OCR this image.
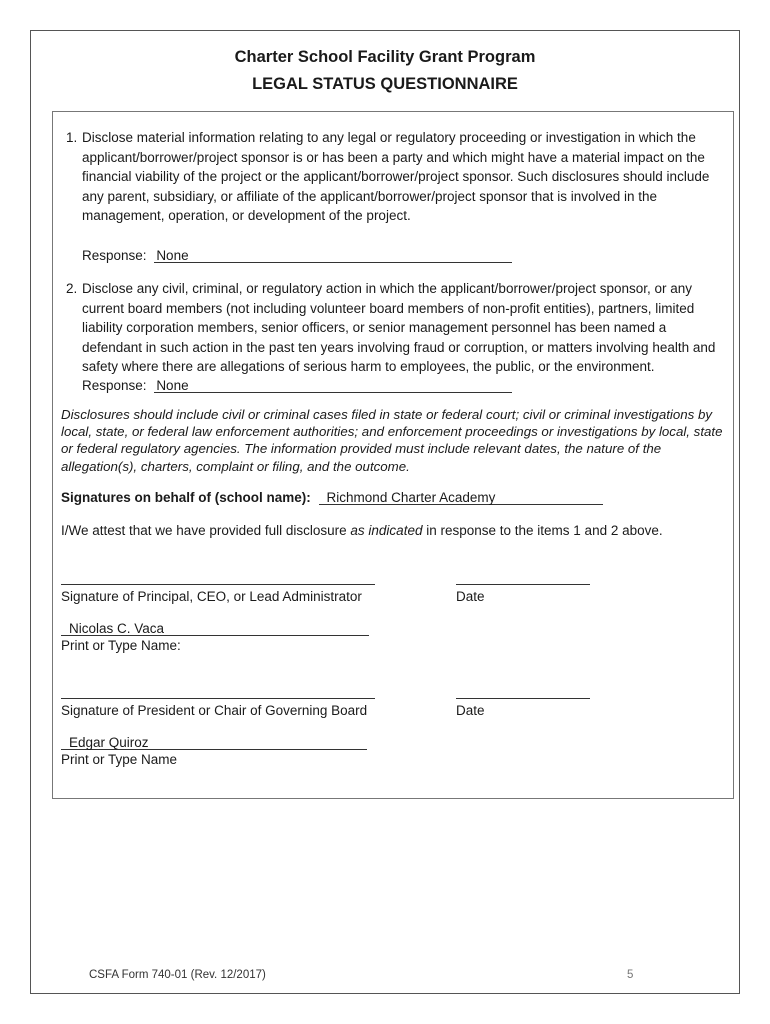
Charter School Facility Grant Program
LEGAL STATUS QUESTIONNAIRE
1. Disclose material information relating to any legal or regulatory proceeding or investigation in which the applicant/borrower/project sponsor is or has been a party and which might have a material impact on the financial viability of the project or the applicant/borrower/project sponsor. Such disclosures should include any parent, subsidiary, or affiliate of the applicant/borrower/project sponsor that is involved in the management, operation, or development of the project.
Response: None
2. Disclose any civil, criminal, or regulatory action in which the applicant/borrower/project sponsor, or any current board members (not including volunteer board members of non-profit entities), partners, limited liability corporation members, senior officers, or senior management personnel has been named a defendant in such action in the past ten years involving fraud or corruption, or matters involving health and safety where there are allegations of serious harm to employees, the public, or the environment.
Response: None
Disclosures should include civil or criminal cases filed in state or federal court; civil or criminal investigations by local, state, or federal law enforcement authorities; and enforcement proceedings or investigations by local, state or federal regulatory agencies. The information provided must include relevant dates, the nature of the allegation(s), charters, complaint or filing, and the outcome.
Signatures on behalf of (school name): Richmond Charter Academy
I/We attest that we have provided full disclosure as indicated in response to the items 1 and 2 above.
Signature of Principal, CEO, or Lead Administrator	Date
Nicolas C. Vaca
Print or Type Name:
Signature of President or Chair of Governing Board	Date
Edgar Quiroz
Print or Type Name
CSFA Form 740-01 (Rev. 12/2017)	5
